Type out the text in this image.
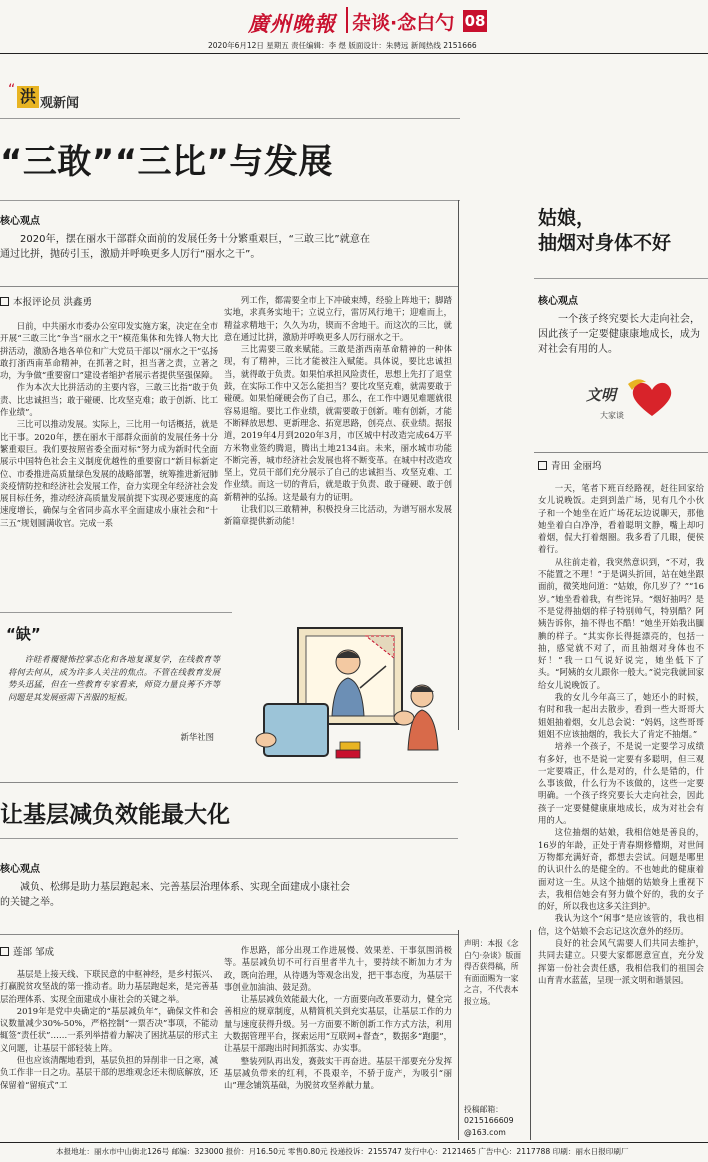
廣州晚報 杂谈·念白勺 08
2020年6月12日 星期五 责任编辑：李 煜 版面设计：朱骋远 新闻热线 2151666
“ 洪 观新闻
“三敢”“三比”与发展
核心观点

2020年，摆在丽水干部群众面前的发展任务十分繁重艰巨，“三敢三比”就意在通过比拼，抛砖引玉，激励并呼唤更多人厉行“丽水之干”。

本报评论员 洪鑫勇

日前，中共丽水市委办公室印发实施方案，决定在全市开展“三敢三比”争当“丽水之干”模范集体和先锋人物大比拼活动，激励各地各单位和广大党员干部以“丽水之干”弘扬敢打浙西南革命精神，在抓著之时，担当著之责，立著之功，为争做“重要窗口”建设者缩护者展示者提供坚强保障。

作为本次大比拼活动的主要内容，三敢三比指“敢于负责、比忠诚担当；敢于碰硬、比攻坚克难；敢于创新、比工作业绩”。

三比可以推动发展。实际上，三比用一句话概括，就是比干事。2020年，摆在丽水干部群众面前的发展任务十分繁重艰巨。我们要按照省委全面对标“努力成为新时代全面展示中国特色社会主义制度优越性的重要窗口”新目标新定位、市委推进高质量绿色发展的战略部署，统筹推进新冠肺炎疫情防控和经济社会发展工作，奋力实现全年经济社会发展目标任务，推动经济高质量发展前提下实现必要速度的高速度增长，确保与全省同步高水平全面建成小康社会和“十三五”规划圆满收官。完成一系

列工作，都需要全市上下冲破束缚，经验上阵地干；脚踏实地，求真务实地干；立说立行，雷厉风行地干；迎难而上，精益求精地干；久久为功，锲而不舍地干。而这次的三比，就意在通过比拼，激励并呼唤更多人厉行丽水之干。

三比需要三敢来赋能。三敢是浙西南革命精神的一种体现，有了精神，三比才能被注入赋能。具体说，要比忠诚担当，就得敢于负责。如果怕承担风险责任，思想上先打了退堂鼓，在实际工作中又怎么能担当？要比攻坚克难，就需要敢于碰硬。如果怕碰硬会伤了自己，那么，在工作中遇见难题就很容易退缩。要比工作业绩，就需要敢于创新。唯有创新，才能不断释放思想、更新理念、拓宽思路，创亮点、获业绩。据报道，2019年4月到2020年3月，市区城中村改造完成64万平方米物业签约腾退，腾出土地2134亩。未来，丽水城市功能不断完善，城市经济社会发展也将不断变革。在城中村改造攻坚上，党员干部们充分展示了自己的忠诚担当、攻坚克难、工作业绩。而这一切的背后，就是敢于负责、敢于碰硬、敢于创新精神的弘扬。这是最有力的证明。

让我们以三敢精神，积极投身三比活动，为谱写丽水发展新篇章提供新动能！

“缺”

许眭肴覆犍怖控掌态化和各地复课复学，在线教育等将何去何从，成为许多人关注的焦点。不管在线教育发展势头迅猛，但在一些教育专家看来，师资力量良莠不齐等问题是其发展亟需下苦服的短板。

新华社图
让基层减负效能最大化
核心观点

减负、松绑是助力基层跑起来、完善基层治理体系、实现全面建成小康社会的关键之举。

莲部 邹成

基层是上接天线、下联民意的中枢神经，是乡村振兴、打赢脱贫攻坚战的第一推动者。助力基层跑起来，是完善基层治理体系、实现全面建成小康社会的关键之举。

2019年是党中央确定的“基层减负年”，确保文件和会议数量减少30%-50%，严格控制“一票否决”事项，不能动辄签“责任状”……一系列举措着力解决了困扰基层的形式主义问题，让基层干部轻装上阵。

但也应该清醒地看到，基层负担的异削非一日之寒，减负工作非一日之功。基层干部的思维观念还未彻底解放，还保留着“留痕式”工

作思路，部分出现工作进展慢、效果差、干事氛围消极等。基层减负切不可行百里者半九十，要持续不断加力才为政，既向治理，从待遇为等观念出发，把干事态度，为基层干事创业加油油、鼓足劲。

让基层减负效能最大化，一方面要向改革要动力，健全完善相应的规章制度，从精简机关到充实基层，让基层工作的力量与速度获得升级。另一方面要不断创新工作方式方法，利用大数据管理平台，探索运用“互联网+督查”，数据多“跑腿”，让基层干部跑出时间抓落实、办实事。

整装列队再出发，赛鼓实干再奋进。基层干部要充分发挥基层减负带来的红利，不畏艰辛，不骄于庞产，为吸引“丽山”理念铺筑基础，为脱贫攻坚养献力量。

声明：本报《念白勺·杂谈》版面得否获得稿，所有面面赐为一家之言，不代表本报立场。

投稿邮箱：
0215166609
@163.com
姑娘，
抽烟对身体不好
核心观点

一个孩子终究要长大走向社会，因此孩子一定要健康康地成长，成为对社会有用的人。

文明
大家谈
青田 金丽坞

一天，笔者下班百经路视，赶往回家给女儿说晚饭。走到到盖广场，见有几个小伙子和一个她坐在近广场花坛边说聊天，那他她坐着白白净净，看着聪明文静，嘴上却叼着烟，侃大打着烟圈。我多看了几眼，便侯着行。

从往前走着，我突然意识到，“不对，我不能置之不理！”于是调头折回，站在她坐跟面前，微笑地问道：“姑娘，你几岁了？”“16岁。”她坐看着我，有些诧异。“烟好抽吗？是不是觉得抽烟的样子特别帅气，特别酷？阿姨告诉你，抽不得也不酷！”她坐开始我出腼腆的样子。“其实你长得挺漂亮的，包括一抽，感觉就不对了，而且抽烟对身体也不好！”我一口气说好说完，她坐低下了头。“阿姨的女儿跟你一般大。”说完我就回家给女儿说晚饭了。

我的女儿今年高三了，她还小的时候，有时和我一起出去散步，看到一些大哥哥大姐姐抽着烟，女儿总会说：“妈妈，这些哥哥姐姐不应该抽烟的，我长大了肯定不抽烟。”

培养一个孩子，不是说一定要学习成绩有多好，也不是说一定要有多聪明，但三观一定要端正，什么是对的，什么是错的，什么事该做，什么行为不该做的，这些一定要明确。一个孩子终究要长大走向社会，因此孩子一定要健健康康地成长，成为对社会有用的人。

这位抽烟的姑娘，我相信她是善良的，16岁的年龄，正处于青春期修懵期，对世间万物都充满好奇，都想去尝试。问题是哪里的认识什么的是健全的。不也她此的健康着面对这一生。从这个抽烟的姑娘身上重视下去，我相信她会有努力做个好的，我的女子的好，所以我也这多关注到护。

我认为这个“闲事”是应该管的，我也相信，这个姑娘不会忘记这次意外的经历。

良好的社会风气需要人们共同去维护，共同去建立。只要大家都愿意宣直，充分发挥第一份社会责任感，我相信我们的祖国会山育青水蓝蓝，呈现一派文明和谐景园。

本报地址：丽水市中山街北126号 邮编：323000 报价：月16.50元 零售0.80元 投递投诉：2155747 发行中心：2121465 广告中心：2117788 印刷：丽水日报印刷厂
